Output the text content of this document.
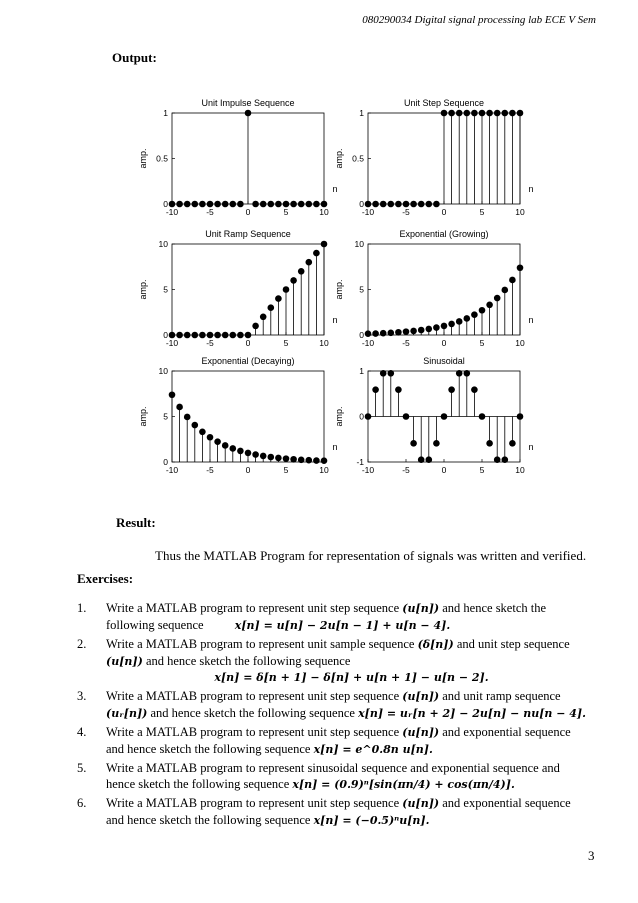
080290034 Digital signal processing lab ECE V Sem
Output:
-10	-5	0	5	10
0
0.5
1
Unit Impulse Sequence
n
amp.
-10	-5	0	5	10
0
0.5
1
Unit Step Sequence
n
amp.
-10	-5	0	5	10
0
5
10
Unit Ramp Sequence
n
amp.
-10	-5	0	5	10
0
5
10
Exponential (Growing)
n
amp.
-10	-5	0	5	10
0
5
10
Exponential (Decaying)
n
amp.
-10	-5	0	5	10
-1
0
1
Sinusoidal
n
amp.
Result:
Thus the MATLAB Program for representation of signals was written and verified.
Exercises:
1. Write a MATLAB program to represent unit step sequence (u[n]) and hence sketch the
following sequence	x[n] = u[n] − 2u[n − 1] + u[n − 4].
2. Write a MATLAB program to represent unit sample sequence (δ[n]) and unit step sequence
(u[n]) and hence sketch the following sequence
x[n] = δ[n + 1] − δ[n] + u[n + 1] − u[n − 2].
3. Write a MATLAB program to represent unit step sequence (u[n]) and unit ramp sequence
(uᵣ[n]) and hence sketch the following sequence x[n] = uᵣ[n + 2] − 2u[n] − nu[n − 4].
4. Write a MATLAB program to represent unit step sequence (u[n]) and exponential sequence
and hence sketch the following sequence x[n] = e^0.8n u[n].
5. Write a MATLAB program to represent sinusoidal sequence and exponential sequence and
hence sketch the following sequence x[n] = (0.9)ⁿ[sin(πn/4) + cos(πn/4)].
6. Write a MATLAB program to represent unit step sequence (u[n]) and exponential sequence
and hence sketch the following sequence x[n] = (−0.5)ⁿu[n].
3
